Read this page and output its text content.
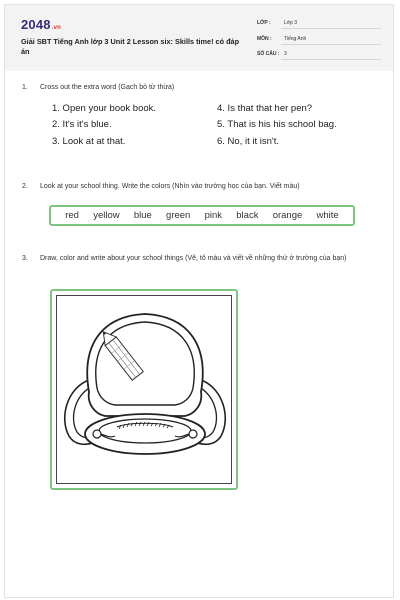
2048.vn
Giải SBT Tiếng Anh lớp 3 Unit 2 Lesson six: Skills time! có đáp án
LỚP :	Lớp 3
MÔN : Tiếng Anh
SỐ CÂU : 3
1. Cross out the extra word (Gạch bỏ từ thừa)
1. Open your book book.
2. It's it's blue.
3. Look at at that.
4. Is that that her pen?
5. That is his his school bag.
6. No, it it isn't.
2. Look at your school thing. Write the colors (Nhìn vào trường học của bạn. Viết màu)
red yellow blue green pink black orange white
3. Draw, color and write about your school things (Vẽ, tô màu và viết về những thứ ở trường của bạn)
